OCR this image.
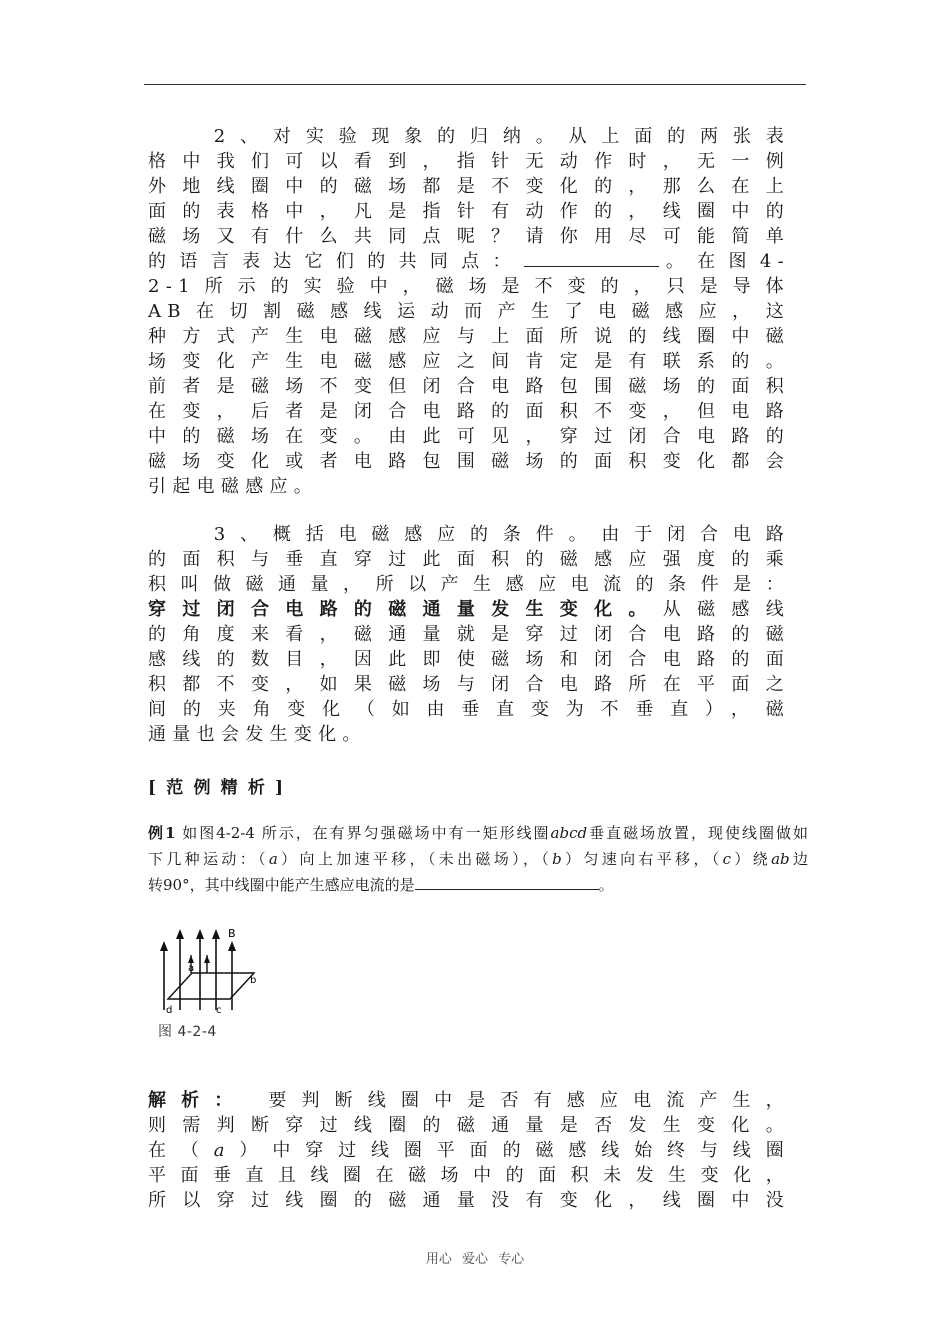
　　2、对实验现象的归纳。从上面的两张表
格中我们可以看到，指针无动作时，无一例
外地线圈中的磁场都是不变化的，那么在上
面的表格中，凡是指针有动作的，线圈中的
磁场又有什么共同点呢？请你用尽可能简单
的语言表达它们的共同点：	。在图4-
2-1所示的实验中，磁场是不变的，只是导体
AB在切割磁感线运动而产生了电磁感应，这
种方式产生电磁感应与上面所说的线圈中磁
场变化产生电磁感应之间肯定是有联系的。
前者是磁场不变但闭合电路包围磁场的面积
在变，后者是闭合电路的面积不变，但电路
中的磁场在变。由此可见，穿过闭合电路的
磁场变化或者电路包围磁场的面积变化都会
引起电磁感应。
　　3、概括电磁感应的条件。由于闭合电路
的面积与垂直穿过此面积的磁感应强度的乘
积叫做磁通量，所以产生感应电流的条件是：
穿过闭合电路的磁通量发生变化。从磁感线
的角度来看，磁通量就是穿过闭合电路的磁
感线的数目，因此即使磁场和闭合电路的面
积都不变，如果磁场与闭合电路所在平面之
间的夹角变化（如由垂直变为不垂直），磁
通量也会发生变化。
[范例精析]
例1 如图4-2-4 所示，在有界匀强磁场中有一矩形线圈abcd垂直磁场放置，现使线圈做如
下几种运动：（a）向上加速平移，（未出磁场），（b）匀速向右平移，（c）绕ab边
转90°，其中线圈中能产生感应电流的是	。
B
a
b
c
d
图 4-2-4
解析： 要判断线圈中是否有感应电流产生，
则需判断穿过线圈的磁通量是否发生变化。
在（a）中穿过线圈平面的磁感线始终与线圈
平面垂直且线圈在磁场中的面积未发生变化，
所以穿过线圈的磁通量没有变化，线圈中没
用心 爱心 专心
